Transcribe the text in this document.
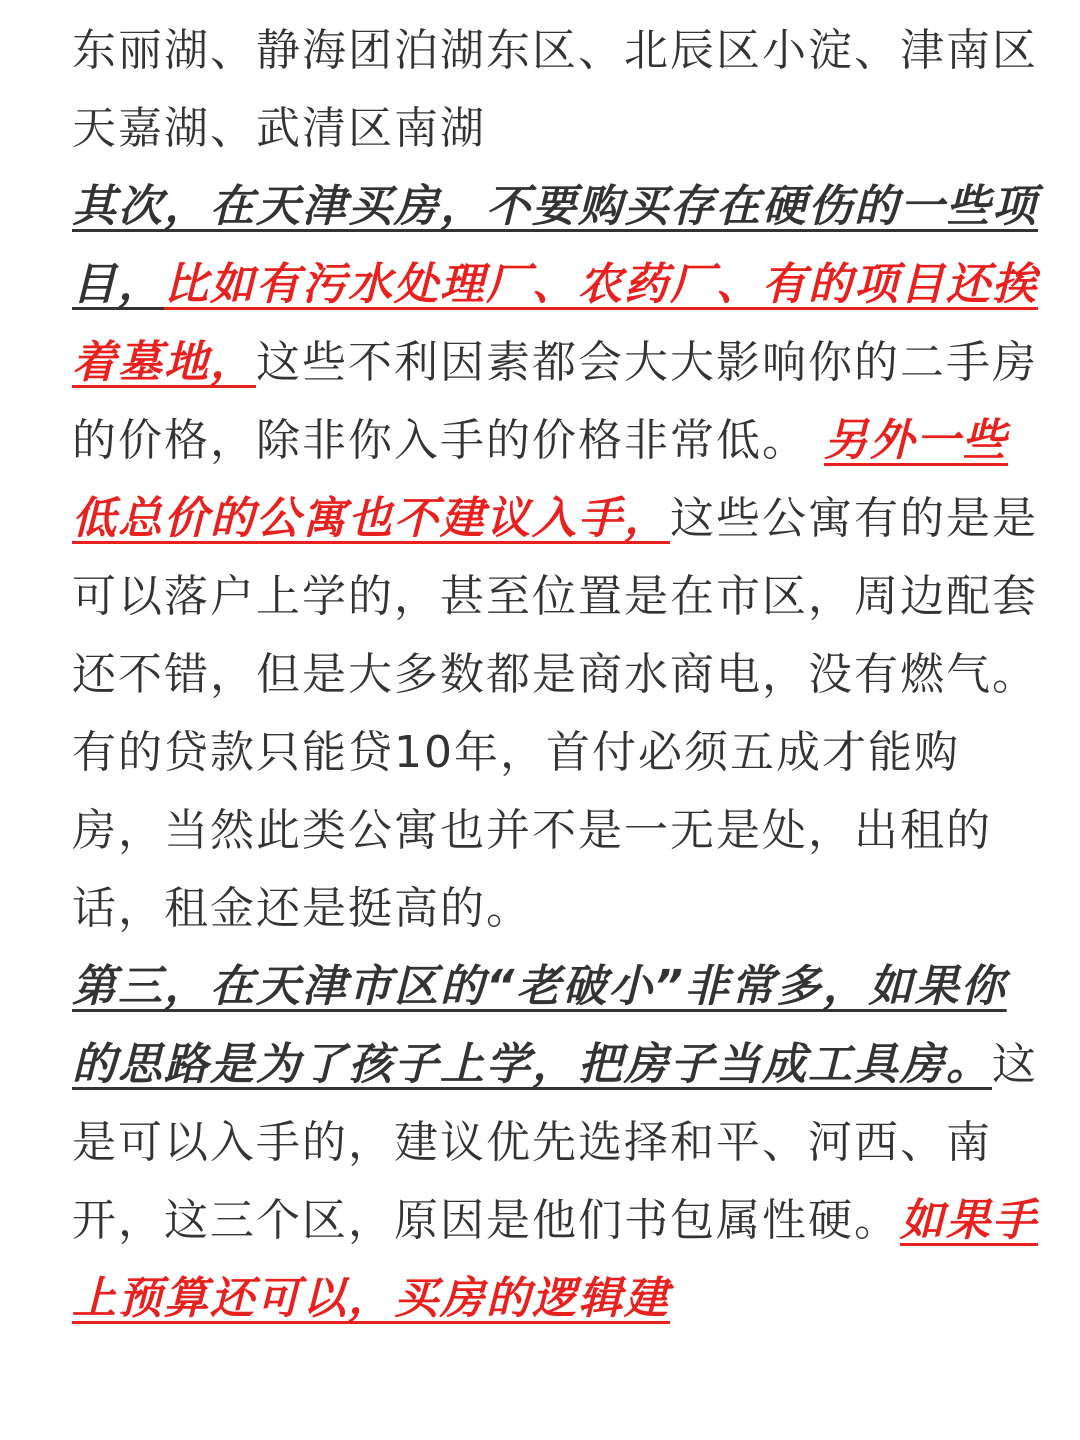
东丽湖、静海团泊湖东区、北辰区小淀、津南区天嘉湖、武清区南湖
其次，在天津买房，不要购买存在硬伤的一些项目，比如有污水处理厂、农药厂、有的项目还挨着墓地，这些不利因素都会大大影响你的二手房的价格，除非你入手的价格非常低。 另外一些低总价的公寓也不建议入手，这些公寓有的是是可以落户上学的，甚至位置是在市区，周边配套还不错，但是大多数都是商水商电，没有燃气。有的贷款只能贷10年，首付必须五成才能购房，当然此类公寓也并不是一无是处，出租的话，租金还是挺高的。
第三，在天津市区的“老破小”非常多，如果你的思路是为了孩子上学，把房子当成工具房。这是可以入手的，建议优先选择和平、河西、南开，这三个区，原因是他们书包属性硬。如果手上预算还可以，买房的逻辑建
